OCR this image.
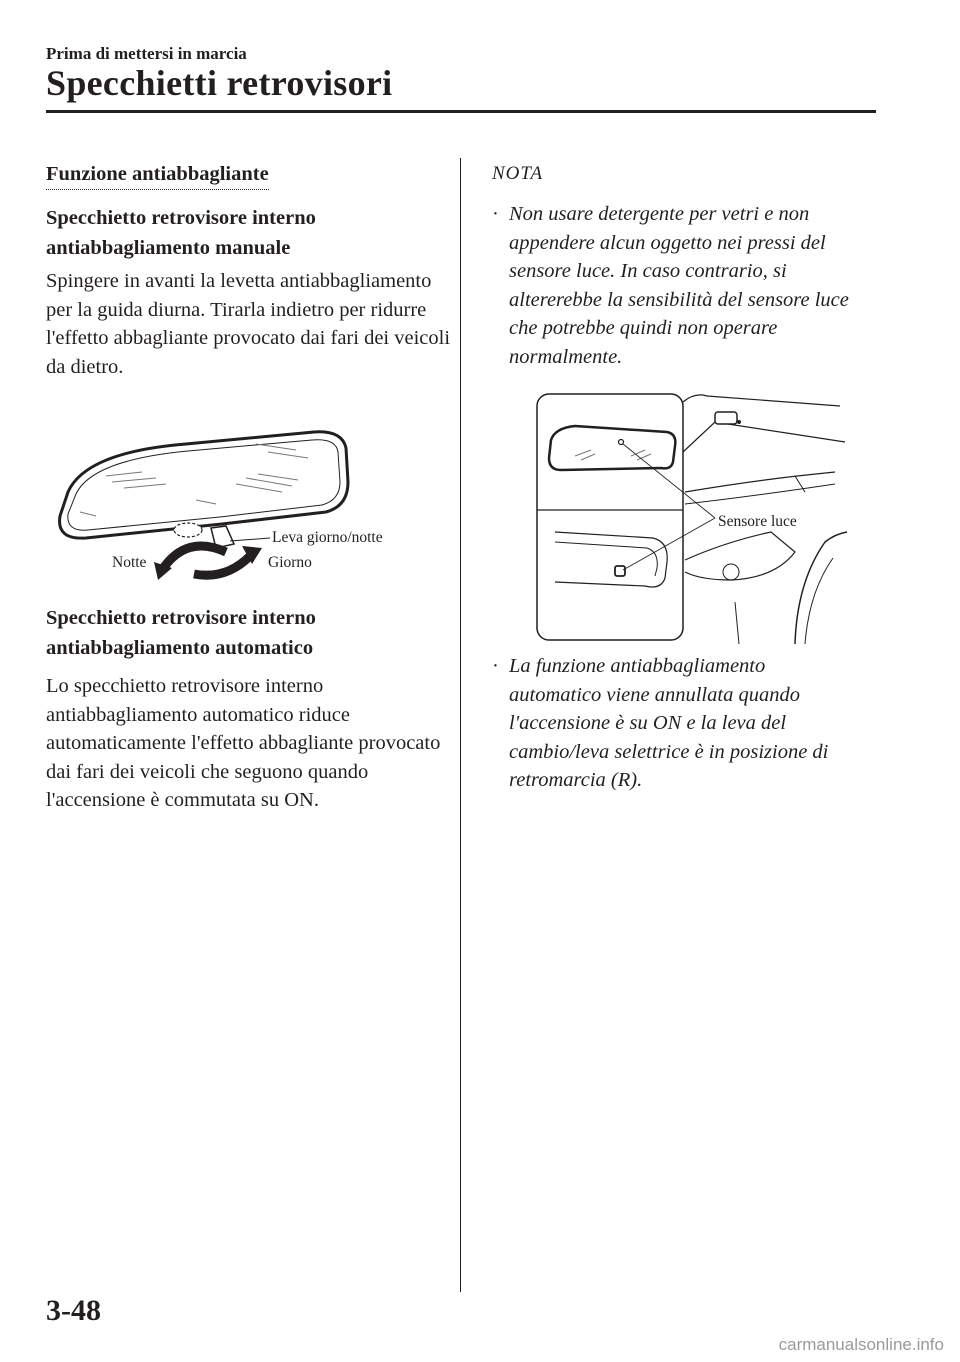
Prima di mettersi in marcia
Specchietti retrovisori
Funzione antiabbagliante
Specchietto retrovisore interno antiabbagliamento manuale
Spingere in avanti la levetta antiabbagliamento per la guida diurna. Tirarla indietro per ridurre l'effetto abbagliante provocato dai fari dei veicoli da dietro.
Leva giorno/notte
Notte	Giorno
Specchietto retrovisore interno antiabbagliamento automatico
Lo specchietto retrovisore interno antiabbagliamento automatico riduce automaticamente l'effetto abbagliante provocato dai fari dei veicoli che seguono quando l'accensione è commutata su ON.
NOTA
· Non usare detergente per vetri e non appendere alcun oggetto nei pressi del sensore luce. In caso contrario, si altererebbe la sensibilità del sensore luce che potrebbe quindi non operare normalmente.
Sensore luce
· La funzione antiabbagliamento automatico viene annullata quando l'accensione è su ON e la leva del cambio/leva selettrice è in posizione di retromarcia (R).
3-48
carmanualsonline.info
